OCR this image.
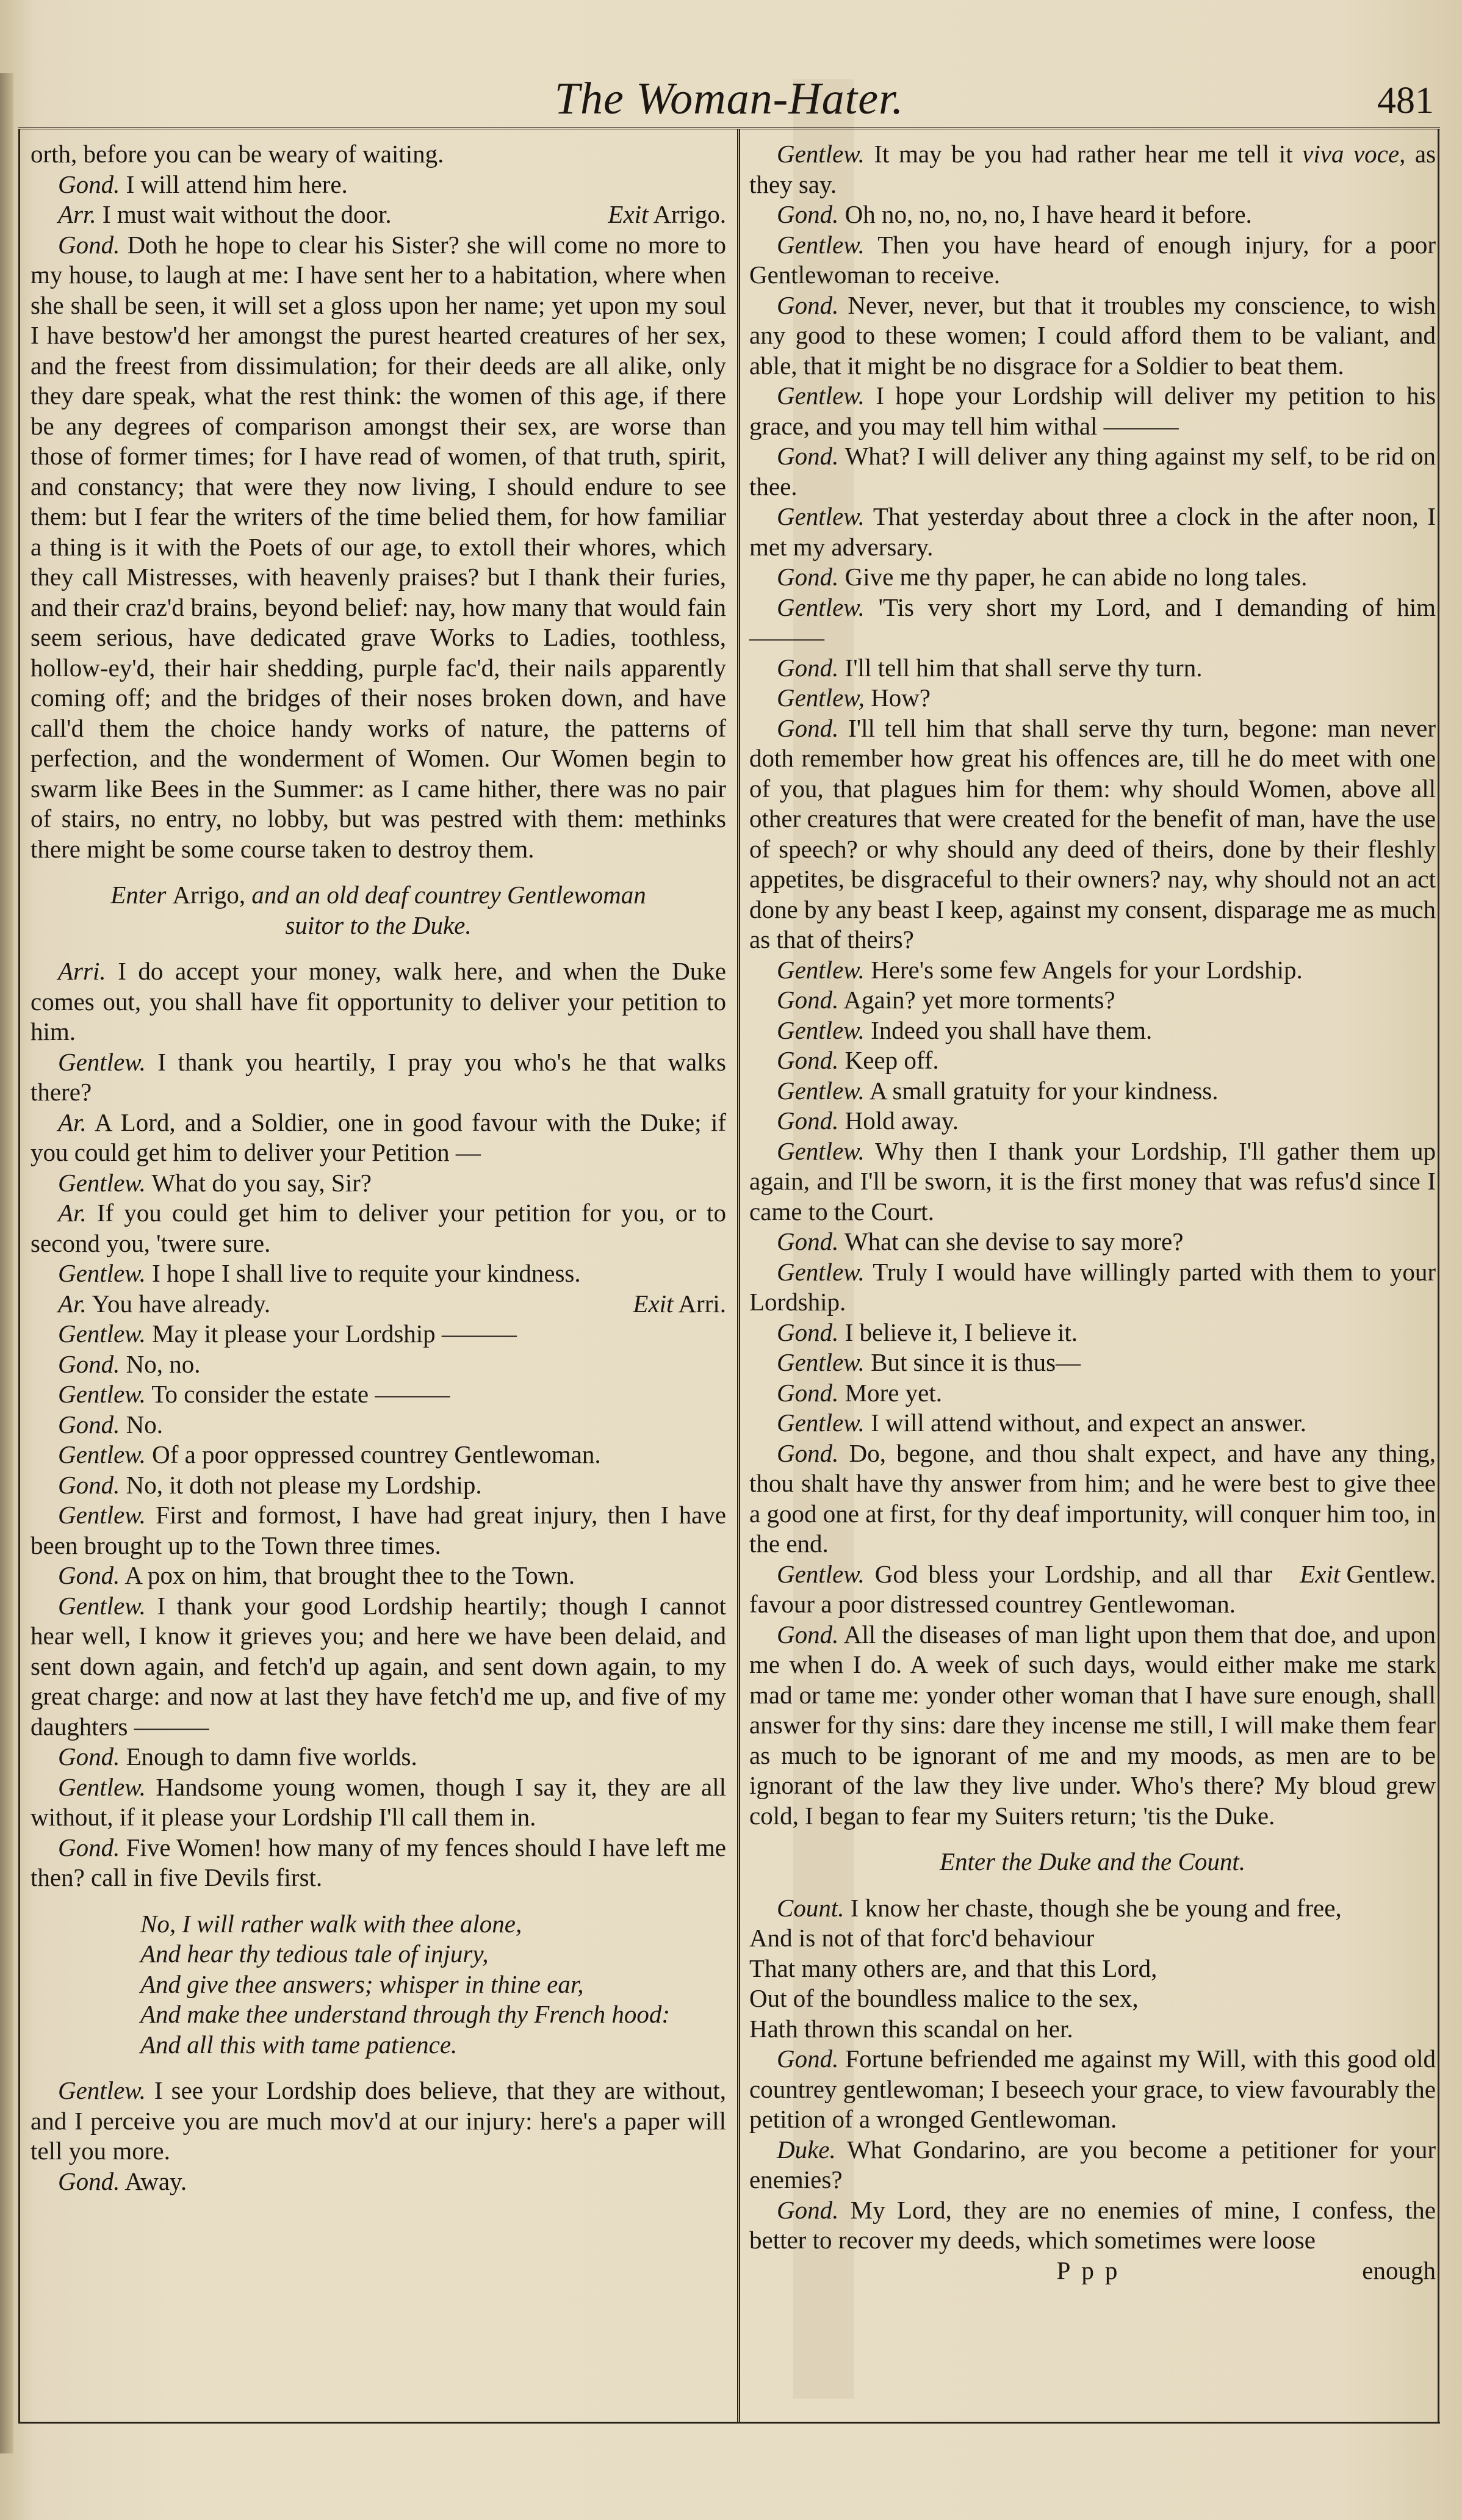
The Woman-Hater.	481

orth, before you can be weary of waiting.

Gond. I will attend him here.

Exit Arrigo.
Arr. I must wait without the door.

Gond. Doth he hope to clear his Sister? she will come no more to my house, to laugh at me: I have sent her to a habitation, where when she shall be seen, it will set a gloss upon her name; yet upon my soul I have bestow'd her amongst the purest hearted creatures of her sex, and the freest from dissimulation; for their deeds are all alike, only they dare speak, what the rest think: the women of this age, if there be any degrees of comparison amongst their sex, are worse than those of former times; for I have read of women, of that truth, spirit, and constancy; that were they now living, I should endure to see them: but I fear the writers of the time belied them, for how familiar a thing is it with the Poets of our age, to extoll their whores, which they call Mistresses, with heavenly praises? but I thank their furies, and their craz'd brains, beyond belief: nay, how many that would fain seem serious, have dedicated grave Works to Ladies, toothless, hollow-ey'd, their hair shedding, purple fac'd, their nails apparently coming off; and the bridges of their noses broken down, and have call'd them the choice handy works of nature, the patterns of perfection, and the wonderment of Women. Our Women begin to swarm like Bees in the Summer: as I came hither, there was no pair of stairs, no entry, no lobby, but was pestred with them: methinks there might be some course taken to destroy them.

Enter Arrigo, and an old deaf countrey Gentlewoman
suitor to the Duke.

Arri. I do accept your money, walk here, and when the Duke comes out, you shall have fit opportunity to deliver your petition to him.

Gentlew. I thank you heartily, I pray you who's he that walks there?

Ar. A Lord, and a Soldier, one in good favour with the Duke; if you could get him to deliver your Petition —

Gentlew. What do you say, Sir?

Ar. If you could get him to deliver your petition for you, or to second you, 'twere sure.

Gentlew. I hope I shall live to requite your kindness.

Exit Arri.
Ar. You have already.

Gentlew. May it please your Lordship ———

Gond. No, no.

Gentlew. To consider the estate ———

Gond. No.

Gentlew. Of a poor oppressed countrey Gentlewoman.

Gond. No, it doth not please my Lordship.

Gentlew. First and formost, I have had great injury, then I have been brought up to the Town three times.

Gond. A pox on him, that brought thee to the Town.

Gentlew. I thank your good Lordship heartily; though I cannot hear well, I know it grieves you; and here we have been delaid, and sent down again, and fetch'd up again, and sent down again, to my great charge: and now at last they have fetch'd me up, and five of my daughters ———

Gond. Enough to damn five worlds.

Gentlew. Handsome young women, though I say it, they are all without, if it please your Lordship I'll call them in.

Gond. Five Women! how many of my fences should I have left me then? call in five Devils first.

No, I will rather walk with thee alone,
And hear thy tedious tale of injury,
And give thee answers; whisper in thine ear,
And make thee understand through thy French hood:
And all this with tame patience.

Gentlew. I see your Lordship does believe, that they are without, and I perceive you are much mov'd at our injury: here's a paper will tell you more.

Gond. Away.

Gentlew. It may be you had rather hear me tell it viva voce, as they say.

Gond. Oh no, no, no, no, I have heard it before.

Gentlew. Then you have heard of enough injury, for a poor Gentlewoman to receive.

Gond. Never, never, but that it troubles my conscience, to wish any good to these women; I could afford them to be valiant, and able, that it might be no disgrace for a Soldier to beat them.

Gentlew. I hope your Lordship will deliver my petition to his grace, and you may tell him withal ———

Gond. What? I will deliver any thing against my self, to be rid on thee.

Gentlew. That yesterday about three a clock in the after noon, I met my adversary.

Gond. Give me thy paper, he can abide no long tales.

Gentlew. 'Tis very short my Lord, and I demanding of him ———

Gond. I'll tell him that shall serve thy turn.

Gentlew, How?

Gond. I'll tell him that shall serve thy turn, begone: man never doth remember how great his offences are, till he do meet with one of you, that plagues him for them: why should Women, above all other creatures that were created for the benefit of man, have the use of speech? or why should any deed of theirs, done by their fleshly appetites, be disgraceful to their owners? nay, why should not an act done by any beast I keep, against my consent, disparage me as much as that of theirs?

Gentlew. Here's some few Angels for your Lordship.

Gond. Again? yet more torments?

Gentlew. Indeed you shall have them.

Gond. Keep off.

Gentlew. A small gratuity for your kindness.

Gond. Hold away.

Gentlew. Why then I thank your Lordship, I'll gather them up again, and I'll be sworn, it is the first money that was refus'd since I came to the Court.

Gond. What can she devise to say more?

Gentlew. Truly I would have willingly parted with them to your Lordship.

Gond. I believe it, I believe it.

Gentlew. But since it is thus—

Gond. More yet.

Gentlew. I will attend without, and expect an answer.

Gond. Do, begone, and thou shalt expect, and have any thing, thou shalt have thy answer from him; and he were best to give thee a good one at first, for thy deaf importunity, will conquer him too, in the end.

Exit Gentlew.
Gentlew. God bless your Lordship, and all thar favour a poor distressed countrey Gentlewoman.

Gond. All the diseases of man light upon them that doe, and upon me when I do. A week of such days, would either make me stark mad or tame me: yonder other woman that I have sure enough, shall answer for thy sins: dare they incense me still, I will make them fear as much to be ignorant of me and my moods, as men are to be ignorant of the law they live under. Who's there? My bloud grew cold, I began to fear my Suiters return; 'tis the Duke.

Enter the Duke and the Count.

Count. I know her chaste, though she be young and free,
And is not of that forc'd behaviour
That many others are, and that this Lord,
Out of the boundless malice to the sex,
Hath thrown this scandal on her.

Gond. Fortune befriended me against my Will, with this good old countrey gentlewoman; I beseech your grace, to view favourably the petition of a wronged Gentlewoman.

Duke. What Gondarino, are you become a petitioner for your enemies?

Gond. My Lord, they are no enemies of mine, I confess, the better to recover my deeds, which sometimes were loose

Ppp	enough
